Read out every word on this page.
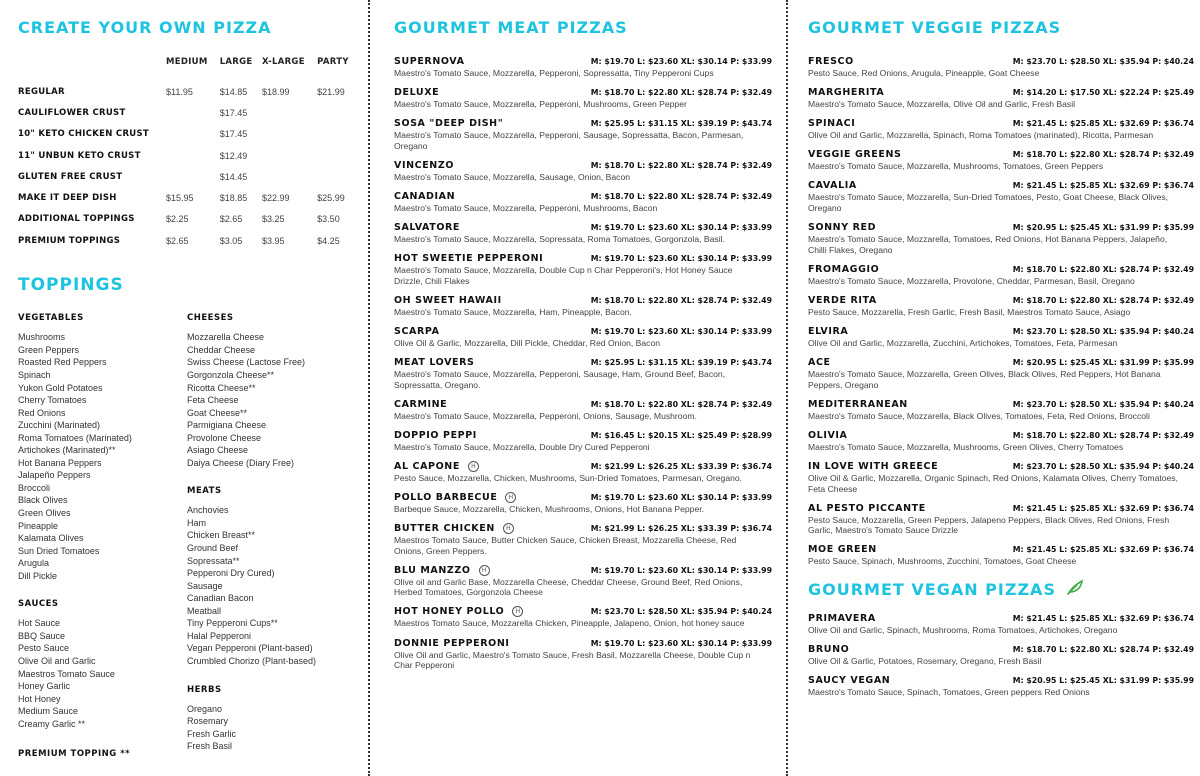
CREATE YOUR OWN PIZZA
	MEDIUM	LARGE	X-LARGE	PARTY
REGULAR	$11.95	$14.85	$18.99	$21.99
CAULIFLOWER CRUST		$17.45		
10" KETO CHICKEN CRUST		$17.45		
11" UNBUN KETO CRUST		$12.49		
GLUTEN FREE CRUST		$14.45		
MAKE IT DEEP DISH	$15.95	$18.85	$22.99	$25.99
ADDITIONAL TOPPINGS	$2.25	$2.65	$3.25	$3.50
PREMIUM TOPPINGS	$2.65	$3.05	$3.95	$4.25
TOPPINGS
VEGETABLES
Mushrooms
Green Peppers
Roasted Red Peppers
Spinach
Yukon Gold Potatoes
Cherry Tomatoes
Red Onions
Zucchini (Marinated)
Roma Tomatoes (Marinated)
Artichokes (Marinated)**
Hot Banana Peppers
Jalapeño Peppers
Broccoli
Black Olives
Green Olives
Pineapple
Kalamata Olives
Sun Dried Tomatoes
Arugula
Dill Pickle
SAUCES
Hot Sauce
BBQ Sauce
Pesto Sauce
Olive Oil and Garlic
Maestros Tomato Sauce
Honey Garlic
Hot Honey
Medium Sauce
Creamy Garlic **
CHEESES
Mozzarella Cheese
Cheddar Cheese
Swiss Cheese (Lactose Free)
Gorgonzola Cheese**
Ricotta Cheese**
Feta Cheese
Goat Cheese**
Parmigiana Cheese
Provolone Cheese
Asiago Cheese
Daiya Cheese (Diary Free)
MEATS
Anchovies
Ham
Chicken Breast**
Ground Beef
Sopressata**
Pepperoni Dry Cured)
Sausage
Canadian Bacon
Meatball
Tiny Pepperoni Cups**
Halal Pepperoni
Vegan Pepperoni (Plant-based)
Crumbled Chorizo (Plant-based)
HERBS
Oregano
Rosemary
Fresh Garlic
Fresh Basil
PREMIUM TOPPING **
GOURMET MEAT PIZZAS
SUPERNOVA	M: $19.70 L: $23.60 XL: $30.14 P: $33.99
Maestro's Tomato Sauce, Mozzarella, Pepperoni, Sopressatta, Tiny Pepperoni Cups
DELUXE	M: $18.70 L: $22.80 XL: $28.74 P: $32.49
Maestro's Tomato Sauce, Mozzarella, Pepperoni, Mushrooms, Green Pepper
SOSA "DEEP DISH"	M: $25.95 L: $31.15 XL: $39.19 P: $43.74
Maestro's Tomato Sauce, Mozzarella, Pepperoni, Sausage, Sopressatta, Bacon, Parmesan, Oregano
VINCENZO	M: $18.70 L: $22.80 XL: $28.74 P: $32.49
Maestro's Tomato Sauce, Mozzarella, Sausage, Onion, Bacon
CANADIAN	M: $18.70 L: $22.80 XL: $28.74 P: $32.49
Maestro's Tomato Sauce, Mozzarella, Pepperoni, Mushrooms, Bacon
SALVATORE	M: $19.70 L: $23.60 XL: $30.14 P: $33.99
Maestro's Tomato Sauce, Mozzarella, Sopressata, Roma Tomatoes, Gorgonzola, Basil.
HOT SWEETIE PEPPERONI	M: $19.70 L: $23.60 XL: $30.14 P: $33.99
Maestro's Tomato Sauce, Mozzarella, Double Cup n Char Pepperoni's, Hot Honey Sauce Drizzle, Chili Flakes
OH SWEET HAWAII	M: $18.70 L: $22.80 XL: $28.74 P: $32.49
Maestro's Tomato Sauce, Mozzarella, Ham, Pineapple, Bacon.
SCARPA	M: $19.70 L: $23.60 XL: $30.14 P: $33.99
Olive Oil & Garlic, Mozzarella, Dill Pickle, Cheddar, Red Onion, Bacon
MEAT LOVERS	M: $25.95 L: $31.15 XL: $39.19 P: $43.74
Maestro's Tomato Sauce, Mozzarella, Pepperoni, Sausage, Ham, Ground Beef, Bacon, Sopressatta, Oregano.
CARMINE	M: $18.70 L: $22.80 XL: $28.74 P: $32.49
Maestro's Tomato Sauce, Mozzarella, Pepperoni, Onions, Sausage, Mushroom.
DOPPIO PEPPI	M: $16.45 L: $20.15 XL: $25.49 P: $28.99
Maestro's Tomato Sauce, Mozzarella, Double Dry Cured Pepperoni
AL CAPONE	H	M: $21.99 L: $26.25 XL: $33.39 P: $36.74
Pesto Sauce, Mozzarella, Chicken, Mushrooms, Sun-Dried Tomatoes, Parmesan, Oregano.
POLLO BARBECUE	H	M: $19.70 L: $23.60 XL: $30.14 P: $33.99
Barbeque Sauce, Mozzarella, Chicken, Mushrooms, Onions, Hot Banana Pepper.
BUTTER CHICKEN	H	M: $21.99 L: $26.25 XL: $33.39 P: $36.74
Maestros Tomato Sauce, Butter Chicken Sauce, Chicken Breast, Mozzarella Cheese, Red Onions, Green Peppers.
BLU MANZZO	H	M: $19.70 L: $23.60 XL: $30.14 P: $33.99
Olive oil and Garlic Base, Mozzarella Cheese, Cheddar Cheese, Ground Beef, Red Onions, Herbed Tomatoes, Gorgonzola Cheese
HOT HONEY POLLO	H	M: $23.70 L: $28.50 XL: $35.94 P: $40.24
Maestros Tomato Sauce, Mozzarella Chicken, Pineapple, Jalapeno, Onion, hot honey sauce
DONNIE PEPPERONI	M: $19.70 L: $23.60 XL: $30.14 P: $33.99
Olive Oil and Garlic, Maestro's Tomato Sauce, Fresh Basil, Mozzarella Cheese, Double Cup n Char Pepperoni
GOURMET VEGGIE PIZZAS
FRESCO	M: $23.70 L: $28.50 XL: $35.94 P: $40.24
Pesto Sauce, Red Onions, Arugula, Pineapple, Goat Cheese
MARGHERITA	M: $14.20 L: $17.50 XL: $22.24 P: $25.49
Maestro's Tomato Sauce, Mozzarella, Olive Oil and Garlic, Fresh Basil
SPINACI	M: $21.45 L: $25.85 XL: $32.69 P: $36.74
Olive Oil and Garlic, Mozzarella, Spinach, Roma Tomatoes (marinated), Ricotta, Parmesan
VEGGIE GREENS	M: $18.70 L: $22.80 XL: $28.74 P: $32.49
Maestro's Tomato Sauce, Mozzarella, Mushrooms, Tomatoes, Green Peppers
CAVALIA	M: $21.45 L: $25.85 XL: $32.69 P: $36.74
Maestro's Tomato Sauce, Mozzarella, Sun-Dried Tomatoes, Pesto, Goat Cheese, Black Olives, Oregano
SONNY RED	M: $20.95 L: $25.45 XL: $31.99 P: $35.99
Maestro's Tomato Sauce, Mozzarella, Tomatoes, Red Onions, Hot Banana Peppers, Jalapeño, Chilli Flakes, Oregano
FROMAGGIO	M: $18.70 L: $22.80 XL: $28.74 P: $32.49
Maestro's Tomato Sauce, Mozzarella, Provolone, Cheddar, Parmesan, Basil, Oregano
VERDE RITA	M: $18.70 L: $22.80 XL: $28.74 P: $32.49
Pesto Sauce, Mozzarella, Fresh Garlic, Fresh Basil, Maestros Tomato Sauce, Asiago
ELVIRA	M: $23.70 L: $28.50 XL: $35.94 P: $40.24
Olive Oil and Garlic, Mozzarella, Zucchini, Artichokes, Tomatoes, Feta, Parmesan
ACE	M: $20.95 L: $25.45 XL: $31.99 P: $35.99
Maestro's Tomato Sauce, Mozzarella, Green Olives, Black Olives, Red Peppers, Hot Banana Peppers, Oregano
MEDITERRANEAN	M: $23.70 L: $28.50 XL: $35.94 P: $40.24
Maestro's Tomato Sauce, Mozzarella, Black Olives, Tomatoes, Feta, Red Onions, Broccoli
OLIVIA	M: $18.70 L: $22.80 XL: $28.74 P: $32.49
Maestro's Tomato Sauce, Mozzarella, Mushrooms, Green Olives, Cherry Tomatoes
IN LOVE WITH GREECE	M: $23.70 L: $28.50 XL: $35.94 P: $40.24
Olive Oil & Garlic, Mozzarella, Organic Spinach, Red Onions, Kalamata Olives, Cherry Tomatoes, Feta Cheese
AL PESTO PICCANTE	M: $21.45 L: $25.85 XL: $32.69 P: $36.74
Pesto Sauce, Mozzarella, Green Peppers, Jalapeno Peppers, Black Olives, Red Onions, Fresh Garlic, Maestro's Tomato Sauce Drizzle
MOE GREEN	M: $21.45 L: $25.85 XL: $32.69 P: $36.74
Pesto Sauce, Spinach, Mushrooms, Zucchini, Tomatoes, Goat Cheese
GOURMET VEGAN PIZZAS
PRIMAVERA	M: $21.45 L: $25.85 XL: $32.69 P: $36.74
Olive Oil and Garlic, Spinach, Mushrooms, Roma Tomatoes, Artichokes, Oregano
BRUNO	M: $18.70 L: $22.80 XL: $28.74 P: $32.49
Olive Oil & Garlic, Potatoes, Rosemary, Oregano, Fresh Basil
SAUCY VEGAN	M: $20.95 L: $25.45 XL: $31.99 P: $35.99
Maestro's Tomato Sauce, Spinach, Tomatoes, Green peppers Red Onions
